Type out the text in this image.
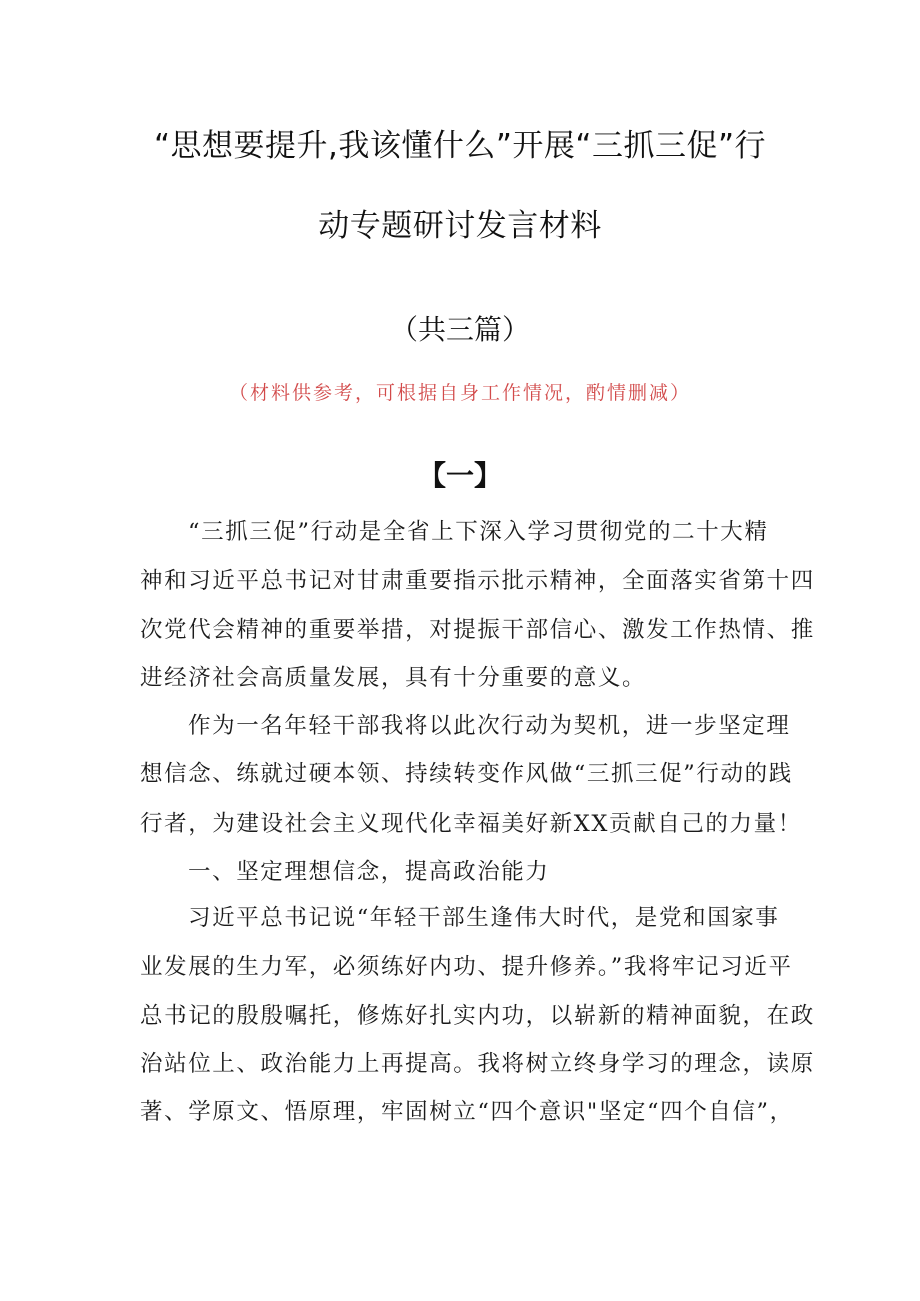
“思想要提升,我该懂什么”开展“三抓三促”行
动专题研讨发言材料
（共三篇）
（材料供参考，可根据自身工作情况，酌情删减）
【一】
“三抓三促”行动是全省上下深入学习贯彻党的二十大精
神和习近平总书记对甘肃重要指示批示精神，全面落实省第十四
次党代会精神的重要举措，对提振干部信心、激发工作热情、推
进经济社会高质量发展，具有十分重要的意义。
作为一名年轻干部我将以此次行动为契机，进一步坚定理
想信念、练就过硬本领、持续转变作风做“三抓三促”行动的践
行者，为建设社会主义现代化幸福美好新XX贡献自己的力量！
一、坚定理想信念，提高政治能力
习近平总书记说“年轻干部生逢伟大时代，是党和国家事
业发展的生力军，必须练好内功、提升修养。”我将牢记习近平
总书记的殷殷嘱托，修炼好扎实内功，以崭新的精神面貌，在政
治站位上、政治能力上再提高。我将树立终身学习的理念，读原
著、学原文、悟原理，牢固树立“四个意识"坚定“四个自信”，
